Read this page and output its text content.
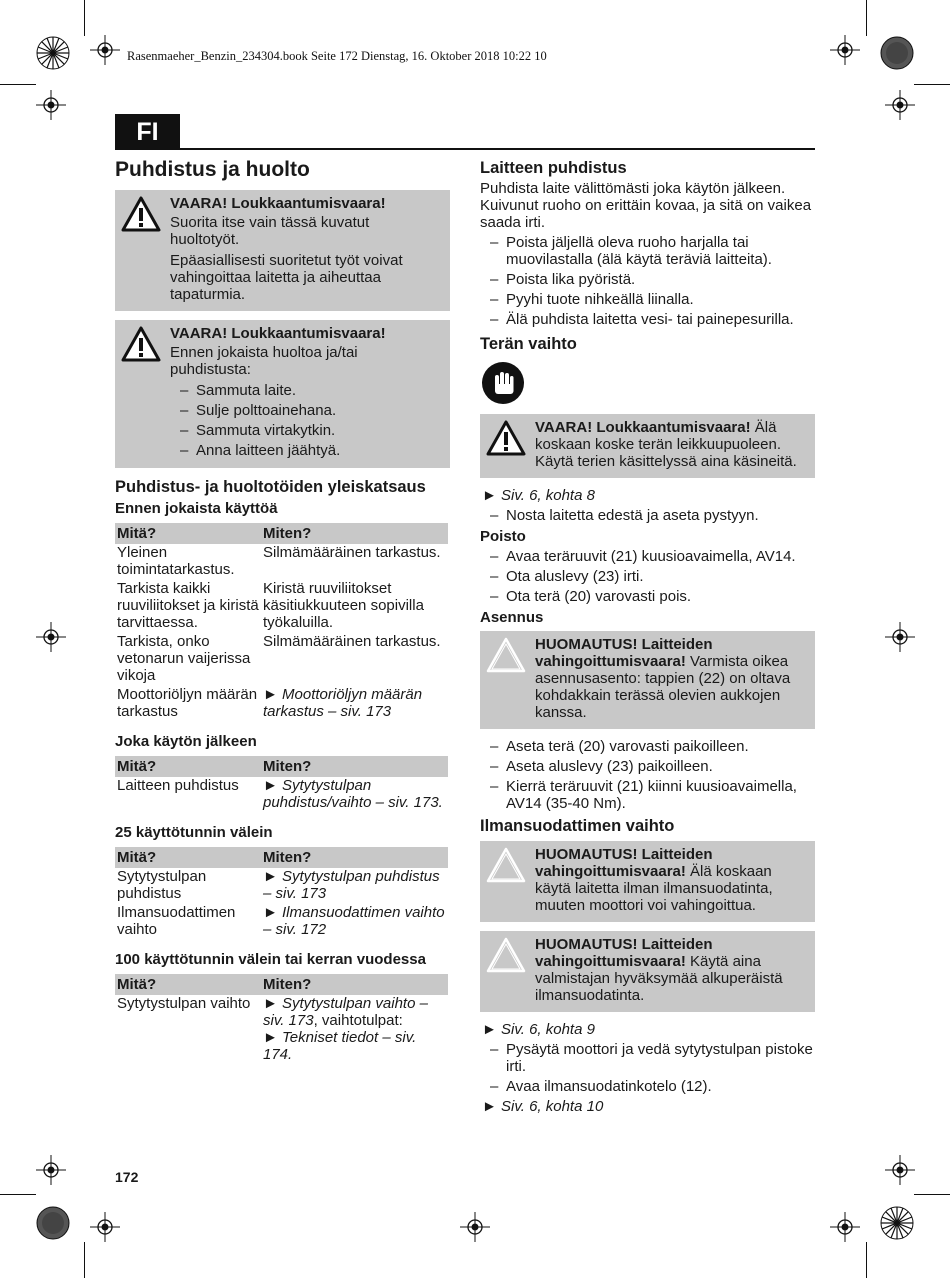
Rasenmaeher_Benzin_234304.book Seite 172 Dienstag, 16. Oktober 2018 10:22 10
FI
Puhdistus ja huolto

VAARA! Loukkaantumisvaara!

Suorita itse vain tässä kuvatut huoltotyöt.

Epäasiallisesti suoritetut työt voivat vahingoittaa laitetta ja aiheuttaa tapaturmia.

VAARA! Loukkaantumisvaara!

Ennen jokaista huoltoa ja/tai puhdistusta:

– Sammuta laite.
– Sulje polttoainehana.
– Sammuta virtakytkin.
– Anna laitteen jäähtyä.
Puhdistus- ja huoltotöiden yleiskatsaus
Ennen jokaista käyttöä
Mitä?	Miten?
Yleinen toimintatarkastus.	Silmämääräinen tarkastus.
Tarkista kaikki ruuviliitokset ja kiristä tarvittaessa.	Kiristä ruuviliitokset käsitiukkuuteen sopivilla työkaluilla.
Tarkista, onko vetonarun vaijerissa vikoja	Silmämääräinen tarkastus.
Moottoriöljyn määrän tarkastus	► Moottoriöljyn määrän tarkastus – siv. 173
Joka käytön jälkeen
Mitä?	Miten?
Laitteen puhdistus	► Sytytystulpan puhdistus/vaihto – siv. 173.
25 käyttötunnin välein
Mitä?	Miten?
Sytytystulpan puhdistus	► Sytytystulpan puhdistus – siv. 173
Ilmansuodattimen vaihto	► Ilmansuodattimen vaihto – siv. 172
100 käyttötunnin välein tai kerran vuodessa
Mitä?	Miten?
Sytytystulpan vaihto	► Sytytystulpan vaihto – siv. 173, vaihtotulpat:
► Tekniset tiedot – siv. 174.
Laitteen puhdistus

Puhdista laite välittömästi joka käytön jälkeen. Kuivunut ruoho on erittäin kovaa, ja sitä on vaikea saada irti.

– Poista jäljellä oleva ruoho harjalla tai muovilastalla (älä käytä teräviä laitteita).
– Poista lika pyöristä.
– Pyyhi tuote nihkeällä liinalla.
– Älä puhdista laitetta vesi- tai painepesurilla.
Terän vaihto

VAARA! Loukkaantumisvaara! Älä koskaan koske terän leikkuupuoleen. Käytä terien käsittelyssä aina käsineitä.

► Siv. 6, kohta 8

– Nosta laitetta edestä ja aseta pystyyn.
Poisto
– Avaa teräruuvit (21) kuusioavaimella, AV14.
– Ota aluslevy (23) irti.
– Ota terä (20) varovasti pois.
Asennus

HUOMAUTUS! Laitteiden vahingoittumisvaara! Varmista oikea asennusasento: tappien (22) on oltava kohdakkain terässä olevien aukkojen kanssa.

– Aseta terä (20) varovasti paikoilleen.
– Aseta aluslevy (23) paikoilleen.
– Kierrä teräruuvit (21) kiinni kuusioavaimella, AV14 (35-40 Nm).
Ilmansuodattimen vaihto

HUOMAUTUS! Laitteiden vahingoittumisvaara! Älä koskaan käytä laitetta ilman ilmansuodatinta, muuten moottori voi vahingoittua.

HUOMAUTUS! Laitteiden vahingoittumisvaara! Käytä aina valmistajan hyväksymää alkuperäistä ilmansuodatinta.

► Siv. 6, kohta 9

– Pysäytä moottori ja vedä sytytystulpan pistoke irti.
– Avaa ilmansuodatinkotelo (12).

► Siv. 6, kohta 10

172
